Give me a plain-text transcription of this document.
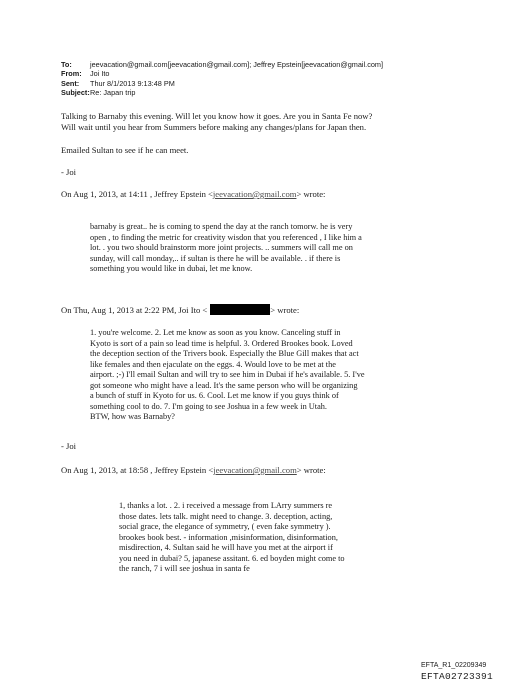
To:	jeevacation@gmail.com[jeevacation@gmail.com]; Jeffrey Epstein[jeevacation@gmail.com]
From:	Joi Ito
Sent:	Thur 8/1/2013 9:13:48 PM
Subject: Re: Japan trip
Talking to Barnaby this evening. Will let you know how it goes. Are you in Santa Fe now?
Will wait until you hear from Summers before making any changes/plans for Japan then.
Emailed Sultan to see if he can meet.
- Joi
On Aug 1, 2013, at 14:11 , Jeffrey Epstein <jeevacation@gmail.com> wrote:
barnaby is great.. he is coming to spend the day at the ranch tomorw. he is very
open , to finding the metric for creativity wisdon that you referenced , I like him a
lot. . you two should brainstorm more joint projects. .. summers will call me on
sunday, will call monday,.. if sultan is there he will be available. . if there is
something you would like in dubai, let me know.
On Thu, Aug 1, 2013 at 2:22 PM, Joi Ito <	> wrote:
1. you're welcome. 2. Let me know as soon as you know. Canceling stuff in
Kyoto is sort of a pain so lead time is helpful. 3. Ordered Brookes book. Loved
the deception section of the Trivers book. Especially the Blue Gill makes that act
like females and then ejaculate on the eggs. 4. Would love to be met at the
airport. ;-) I'll email Sultan and will try to see him in Dubai if he's available. 5. I've
got someone who might have a lead. It's the same person who will be organizing
a bunch of stuff in Kyoto for us. 6. Cool. Let me know if you guys think of
something cool to do. 7. I'm going to see Joshua in a few week in Utah.
BTW, how was Barnaby?
- Joi
On Aug 1, 2013, at 18:58 , Jeffrey Epstein <jeevacation@gmail.com> wrote:
1, thanks a lot. . 2. i received a message from LArry summers re
those dates. lets talk. might need to change. 3. deception, acting,
social grace, the elegance of symmetry, ( even fake symmetry ).
brookes book best. - information ,misinformation, disinformation,
misdirection, 4. Sultan said he will have you met at the airport if
you need in dubai? 5, japanese assitant. 6. ed boyden might come to
the ranch, 7 i will see joshua in santa fe
EFTA_R1_02209349
EFTA02723391
